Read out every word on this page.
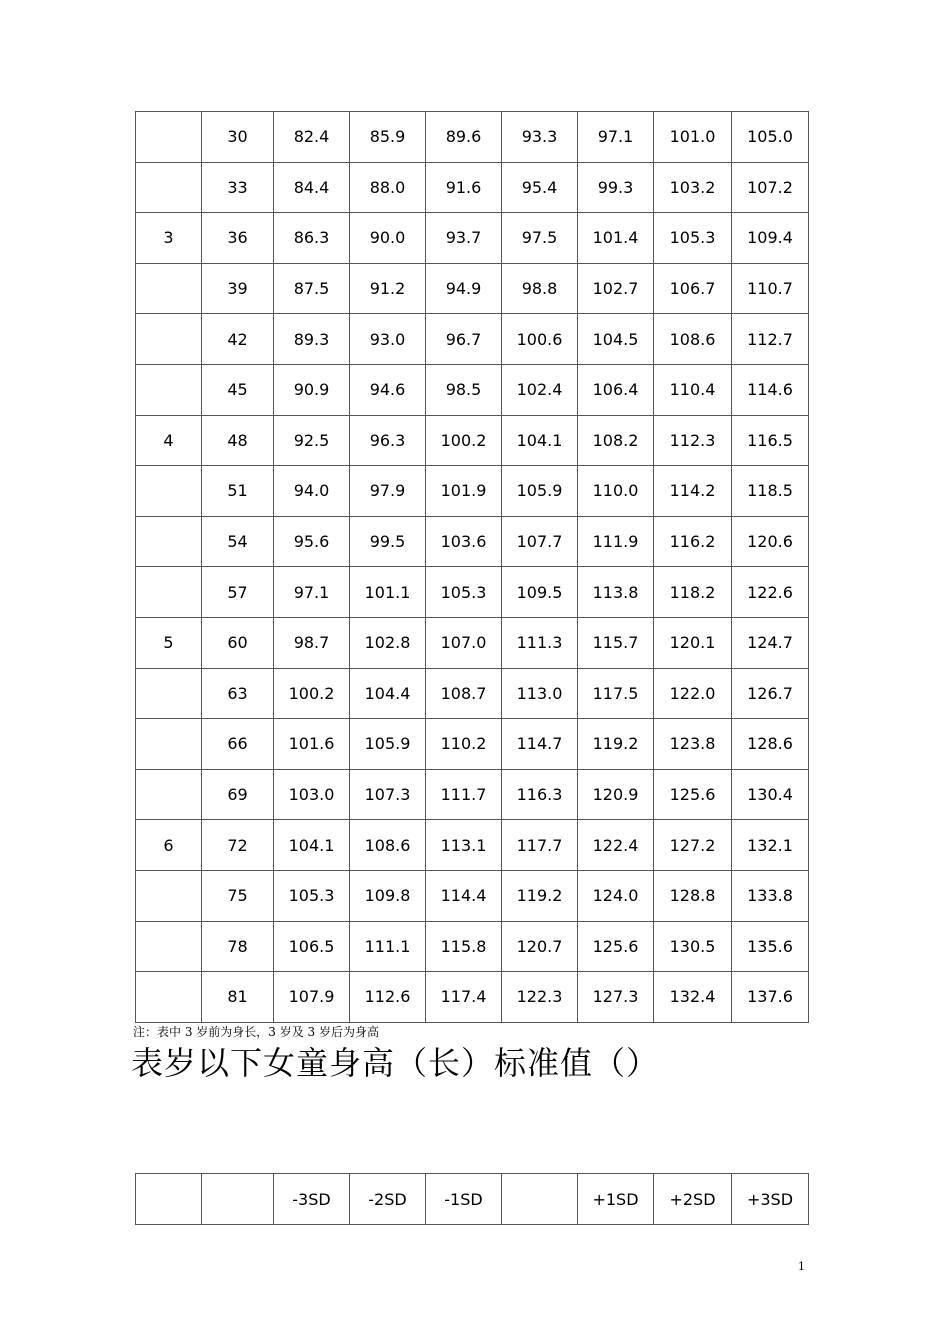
	30	82.4	85.9	89.6	93.3	97.1	101.0	105.0
	33	84.4	88.0	91.6	95.4	99.3	103.2	107.2
3	36	86.3	90.0	93.7	97.5	101.4	105.3	109.4
	39	87.5	91.2	94.9	98.8	102.7	106.7	110.7
	42	89.3	93.0	96.7	100.6	104.5	108.6	112.7
	45	90.9	94.6	98.5	102.4	106.4	110.4	114.6
4	48	92.5	96.3	100.2	104.1	108.2	112.3	116.5
	51	94.0	97.9	101.9	105.9	110.0	114.2	118.5
	54	95.6	99.5	103.6	107.7	111.9	116.2	120.6
	57	97.1	101.1	105.3	109.5	113.8	118.2	122.6
5	60	98.7	102.8	107.0	111.3	115.7	120.1	124.7
	63	100.2	104.4	108.7	113.0	117.5	122.0	126.7
	66	101.6	105.9	110.2	114.7	119.2	123.8	128.6
	69	103.0	107.3	111.7	116.3	120.9	125.6	130.4
6	72	104.1	108.6	113.1	117.7	122.4	127.2	132.1
	75	105.3	109.8	114.4	119.2	124.0	128.8	133.8
	78	106.5	111.1	115.8	120.7	125.6	130.5	135.6
	81	107.9	112.6	117.4	122.3	127.3	132.4	137.6
注：表中 3 岁前为身长，3 岁及 3 岁后为身高
表岁以下女童身高（长）标准值（）
		-3SD	-2SD	-1SD		+1SD	+2SD	+3SD
1
